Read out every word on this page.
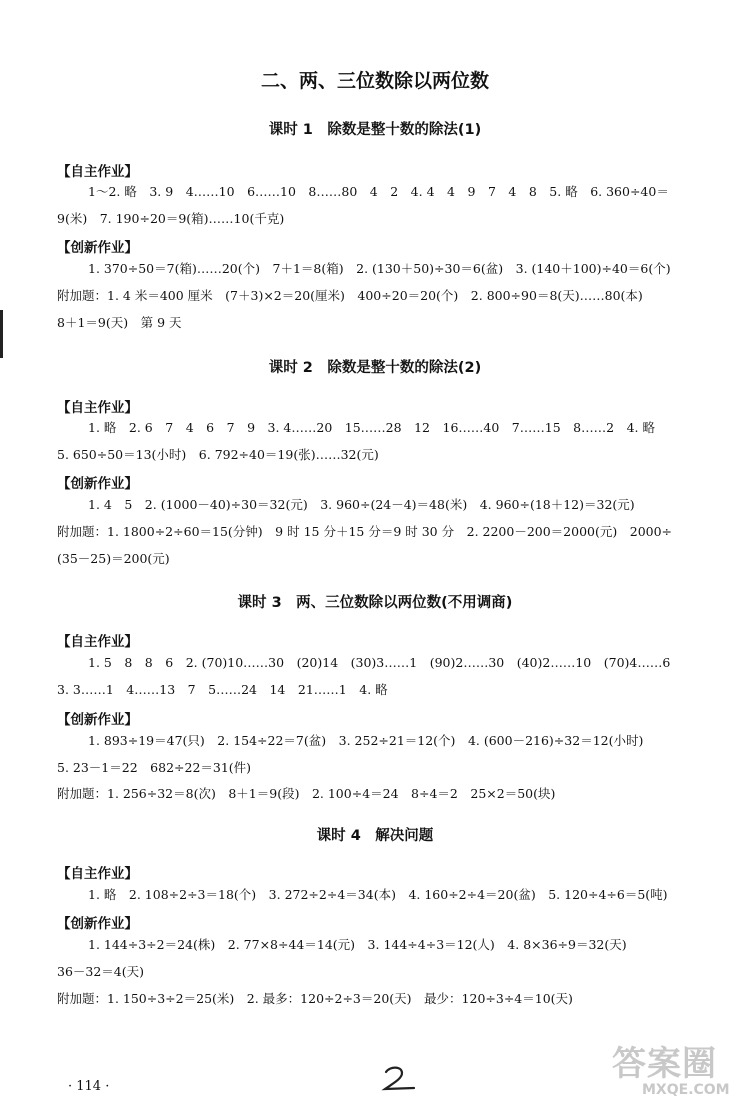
二、两、三位数除以两位数
课时 1　除数是整十数的除法(1)
【自主作业】
1～2. 略　3. 9　4……10　6……10　8……80　4　2　4. 4　4　9　7　4　8　5. 略　6. 360÷40＝
9(米)　7. 190÷20＝9(箱)……10(千克)
【创新作业】
1. 370÷50＝7(箱)……20(个)　7＋1＝8(箱)　2. (130＋50)÷30＝6(盆)　3. (140＋100)÷40＝6(个)
附加题：1. 4 米＝400 厘米　(7＋3)×2＝20(厘米)　400÷20＝20(个)　2. 800÷90＝8(天)……80(本)
8＋1＝9(天)　第 9 天
课时 2　除数是整十数的除法(2)
【自主作业】
1. 略　2. 6　7　4　6　7　9　3. 4……20　15……28　12　16……40　7……15　8……2　4. 略
5. 650÷50＝13(小时)　6. 792÷40＝19(张)……32(元)
【创新作业】
1. 4　5　2. (1000－40)÷30＝32(元)　3. 960÷(24－4)＝48(米)　4. 960÷(18＋12)＝32(元)
附加题：1. 1800÷2÷60＝15(分钟)　9 时 15 分＋15 分＝9 时 30 分　2. 2200－200＝2000(元)　2000÷
(35－25)＝200(元)
课时 3　两、三位数除以两位数(不用调商)
【自主作业】
1. 5　8　8　6　2. (70)10……30　(20)14　(30)3……1　(90)2……30　(40)2……10　(70)4……6
3. 3……1　4……13　7　5……24　14　21……1　4. 略
【创新作业】
1. 893÷19＝47(只)　2. 154÷22＝7(盆)　3. 252÷21＝12(个)　4. (600－216)÷32＝12(小时)
5. 23－1＝22　682÷22＝31(件)
附加题：1. 256÷32＝8(次)　8＋1＝9(段)　2. 100÷4＝24　8÷4＝2　25×2＝50(块)
课时 4　解决问题
【自主作业】
1. 略　2. 108÷2÷3＝18(个)　3. 272÷2÷4＝34(本)　4. 160÷2÷4＝20(盆)　5. 120÷4÷6＝5(吨)
【创新作业】
1. 144÷3÷2＝24(株)　2. 77×8÷44＝14(元)　3. 144÷4÷3＝12(人)　4. 8×36÷9＝32(天)
36－32＝4(天)
附加题：1. 150÷3÷2＝25(米)　2. 最多：120÷2÷3＝20(天)　最少：120÷3÷4＝10(天)
· 114 ·
答案圈
MXQE.COM
